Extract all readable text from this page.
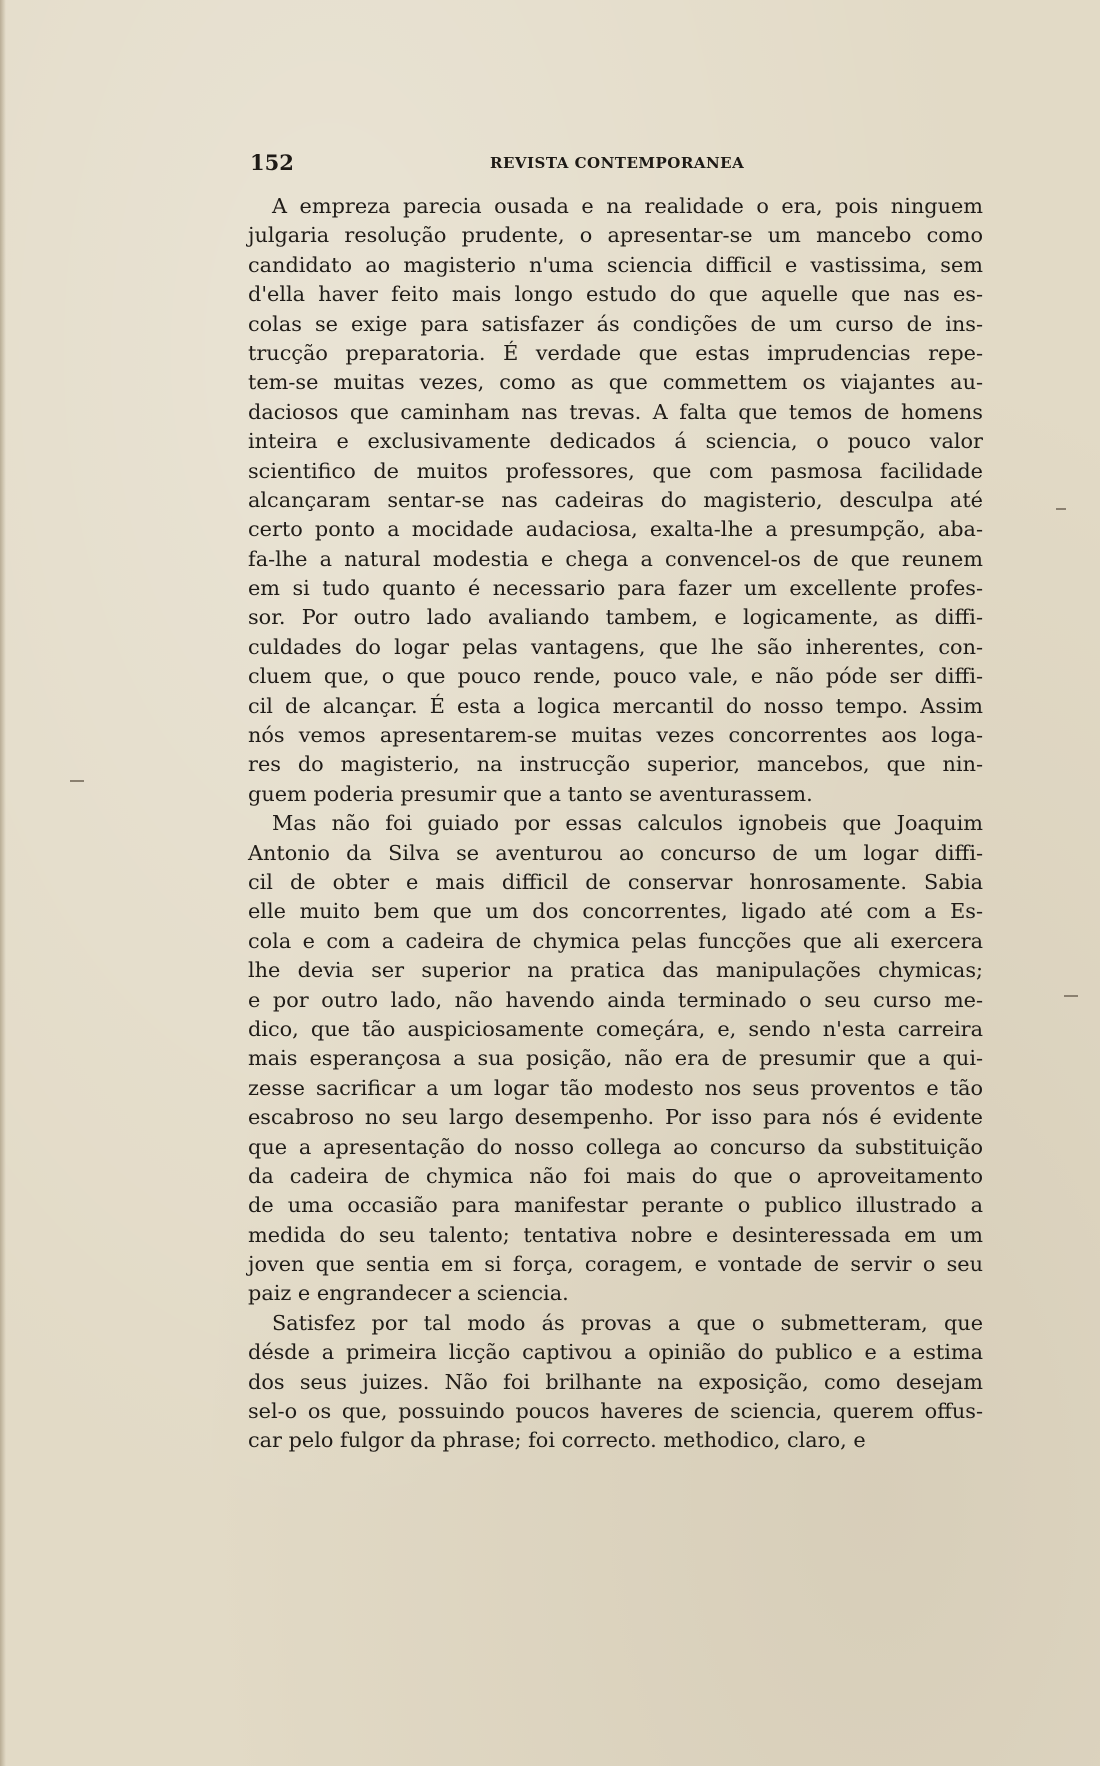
152	REVISTA CONTEMPORANEA
A empreza parecia ousada e na realidade o era, pois ninguem
julgaria resolução prudente, o apresentar-se um mancebo como
candidato ao magisterio n'uma sciencia difficil e vastissima, sem
d'ella haver feito mais longo estudo do que aquelle que nas es-
colas se exige para satisfazer ás condições de um curso de ins-
trucção preparatoria. É verdade que estas imprudencias repe-
tem-se muitas vezes, como as que commettem os viajantes au-
daciosos que caminham nas trevas. A falta que temos de homens
inteira e exclusivamente dedicados á sciencia, o pouco valor
scientifico de muitos professores, que com pasmosa facilidade
alcançaram sentar-se nas cadeiras do magisterio, desculpa até
certo ponto a mocidade audaciosa, exalta-lhe a presumpção, aba-
fa-lhe a natural modestia e chega a convencel-os de que reunem
em si tudo quanto é necessario para fazer um excellente profes-
sor. Por outro lado avaliando tambem, e logicamente, as diffi-
culdades do logar pelas vantagens, que lhe são inherentes, con-
cluem que, o que pouco rende, pouco vale, e não póde ser diffi-
cil de alcançar. É esta a logica mercantil do nosso tempo. Assim
nós vemos apresentarem-se muitas vezes concorrentes aos loga-
res do magisterio, na instrucção superior, mancebos, que nin-
guem poderia presumir que a tanto se aventurassem.
Mas não foi guiado por essas calculos ignobeis que Joaquim
Antonio da Silva se aventurou ao concurso de um logar diffi-
cil de obter e mais difficil de conservar honrosamente. Sabia
elle muito bem que um dos concorrentes, ligado até com a Es-
cola e com a cadeira de chymica pelas funcções que ali exercera
lhe devia ser superior na pratica das manipulações chymicas;
e por outro lado, não havendo ainda terminado o seu curso me-
dico, que tão auspiciosamente começára, e, sendo n'esta carreira
mais esperançosa a sua posição, não era de presumir que a qui-
zesse sacrificar a um logar tão modesto nos seus proventos e tão
escabroso no seu largo desempenho. Por isso para nós é evidente
que a apresentação do nosso collega ao concurso da substituição
da cadeira de chymica não foi mais do que o aproveitamento
de uma occasião para manifestar perante o publico illustrado a
medida do seu talento; tentativa nobre e desinteressada em um
joven que sentia em si força, coragem, e vontade de servir o seu
paiz e engrandecer a sciencia.
Satisfez por tal modo ás provas a que o submetteram, que
désde a primeira licção captivou a opinião do publico e a estima
dos seus juizes. Não foi brilhante na exposição, como desejam
sel-o os que, possuindo poucos haveres de sciencia, querem offus-
car pelo fulgor da phrase; foi correcto. methodico, claro, e
